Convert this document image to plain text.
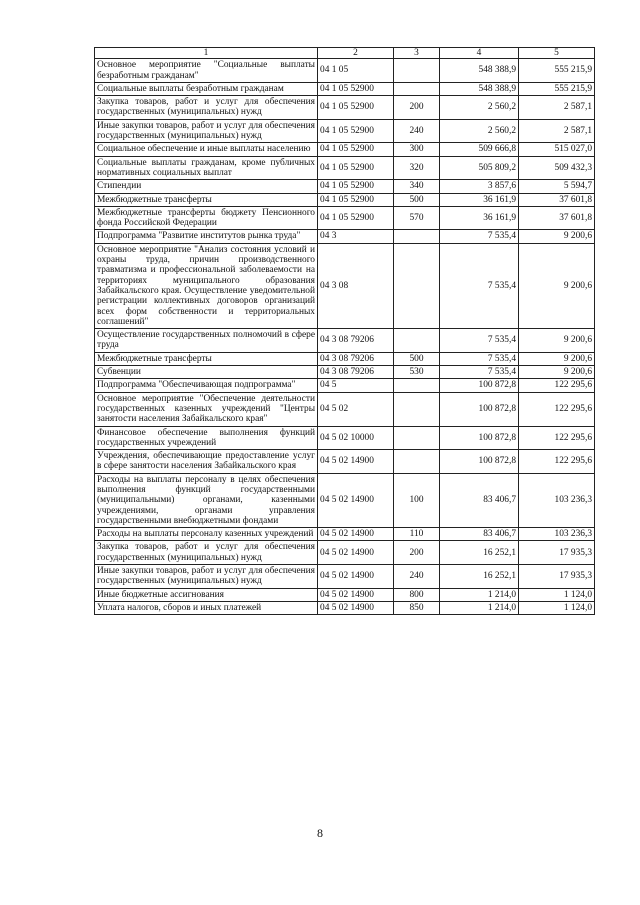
1	2	3	4	5
Основное мероприятие "Социальные выплаты безработным гражданам"	04 1 05		548 388,9	555 215,9
Социальные выплаты безработным гражданам	04 1 05 52900		548 388,9	555 215,9
Закупка товаров, работ и услуг для обеспечения государственных (муниципальных) нужд	04 1 05 52900	200	2 560,2	2 587,1
Иные закупки товаров, работ и услуг для обеспечения государственных (муниципальных) нужд	04 1 05 52900	240	2 560,2	2 587,1
Социальное обеспечение и иные выплаты населению	04 1 05 52900	300	509 666,8	515 027,0
Социальные выплаты гражданам, кроме публичных нормативных социальных выплат	04 1 05 52900	320	505 809,2	509 432,3
Стипендии	04 1 05 52900	340	3 857,6	5 594,7
Межбюджетные трансферты	04 1 05 52900	500	36 161,9	37 601,8
Межбюджетные трансферты бюджету Пенсионного фонда Российской Федерации	04 1 05 52900	570	36 161,9	37 601,8
Подпрограмма "Развитие институтов рынка труда"	04 3		7 535,4	9 200,6
Основное мероприятие "Анализ состояния условий и охраны труда, причин производственного травматизма и профессиональной заболеваемости на территориях муниципального образования Забайкальского края. Осуществление уведомительной регистрации коллективных договоров организаций всех форм собственности и территориальных соглашений"	04 3 08		7 535,4	9 200,6
Осуществление государственных полномочий в сфере труда	04 3 08 79206		7 535,4	9 200,6
Межбюджетные трансферты	04 3 08 79206	500	7 535,4	9 200,6
Субвенции	04 3 08 79206	530	7 535,4	9 200,6
Подпрограмма "Обеспечивающая подпрограмма"	04 5		100 872,8	122 295,6
Основное мероприятие "Обеспечение деятельности государственных казенных учреждений "Центры занятости населения Забайкальского края"	04 5 02		100 872,8	122 295,6
Финансовое обеспечение выполнения функций государственных учреждений	04 5 02 10000		100 872,8	122 295,6
Учреждения, обеспечивающие предоставление услуг в сфере занятости населения Забайкальского края	04 5 02 14900		100 872,8	122 295,6
Расходы на выплаты персоналу в целях обеспечения выполнения функций государственными (муниципальными) органами, казенными учреждениями, органами управления государственными внебюджетными фондами	04 5 02 14900	100	83 406,7	103 236,3
Расходы на выплаты персоналу казенных учреждений	04 5 02 14900	110	83 406,7	103 236,3
Закупка товаров, работ и услуг для обеспечения государственных (муниципальных) нужд	04 5 02 14900	200	16 252,1	17 935,3
Иные закупки товаров, работ и услуг для обеспечения государственных (муниципальных) нужд	04 5 02 14900	240	16 252,1	17 935,3
Иные бюджетные ассигнования	04 5 02 14900	800	1 214,0	1 124,0
Уплата налогов, сборов и иных платежей	04 5 02 14900	850	1 214,0	1 124,0
8
